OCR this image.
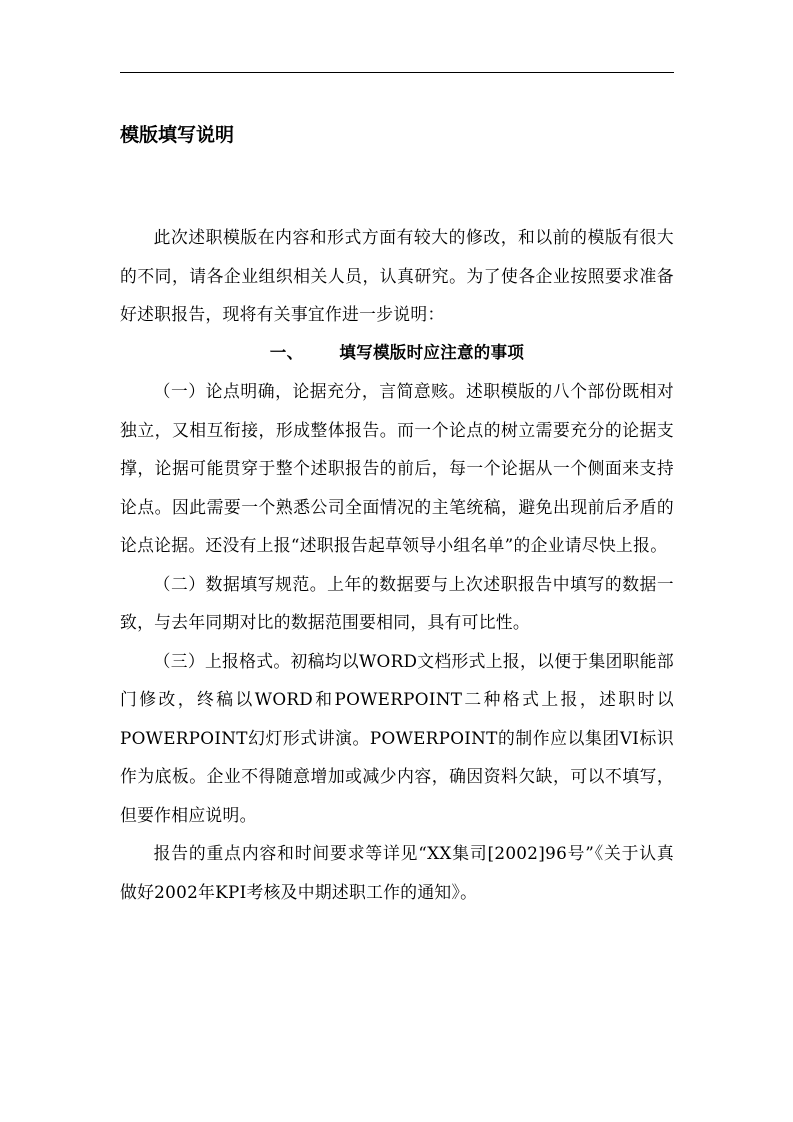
模版填写说明

此次述职模版在内容和形式方面有较大的修改，和以前的模版有很大的不同，请各企业组织相关人员，认真研究。为了使各企业按照要求准备好述职报告，现将有关事宜作进一步说明：

一、 填写模版时应注意的事项

（一）论点明确，论据充分，言简意赅。述职模版的八个部份既相对独立，又相互衔接，形成整体报告。而一个论点的树立需要充分的论据支撑，论据可能贯穿于整个述职报告的前后，每一个论据从一个侧面来支持论点。因此需要一个熟悉公司全面情况的主笔统稿，避免出现前后矛盾的论点论据。还没有上报“述职报告起草领导小组名单”的企业请尽快上报。

（二）数据填写规范。上年的数据要与上次述职报告中填写的数据一致，与去年同期对比的数据范围要相同，具有可比性。

（三）上报格式。初稿均以WORD文档形式上报，以便于集团职能部门修改，终稿以WORD和POWERPOINT二种格式上报，述职时以POWERPOINT幻灯形式讲演。POWERPOINT的制作应以集团VI标识作为底板。企业不得随意增加或减少内容，确因资料欠缺，可以不填写，但要作相应说明。

报告的重点内容和时间要求等详见“XX集司[2002]96号”《关于认真做好2002年KPI考核及中期述职工作的通知》。
